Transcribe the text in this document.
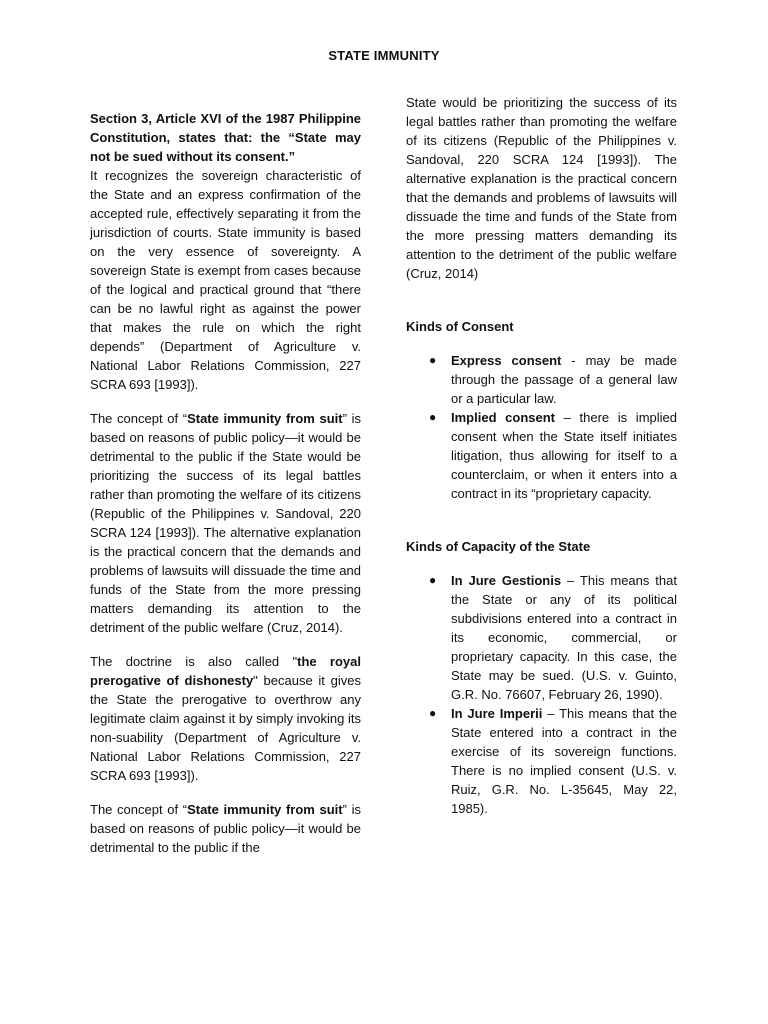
STATE IMMUNITY

Section 3, Article XVI of the 1987 Philippine Constitution, states that: the “State may not be sued without its consent.”
It recognizes the sovereign characteristic of the State and an express confirmation of the accepted rule, effectively separating it from the jurisdiction of courts. State immunity is based on the very essence of sovereignty. A sovereign State is exempt from cases because of the logical and practical ground that “there can be no lawful right as against the power that makes the rule on which the right depends” (Department of Agriculture v. National Labor Relations Commission, 227 SCRA 693 [1993]).

The concept of “State immunity from suit” is based on reasons of public policy—it would be detrimental to the public if the State would be prioritizing the success of its legal battles rather than promoting the welfare of its citizens (Republic of the Philippines v. Sandoval, 220 SCRA 124 [1993]). The alternative explanation is the practical concern that the demands and problems of lawsuits will dissuade the time and funds of the State from the more pressing matters demanding its attention to the detriment of the public welfare (Cruz, 2014).

The doctrine is also called "the royal prerogative of dishonesty" because it gives the State the prerogative to overthrow any legitimate claim against it by simply invoking its non-suability (Department of Agriculture v. National Labor Relations Commission, 227 SCRA 693 [1993]).

The concept of “State immunity from suit” is based on reasons of public policy—it would be detrimental to the public if the

State would be prioritizing the success of its legal battles rather than promoting the welfare of its citizens (Republic of the Philippines v. Sandoval, 220 SCRA 124 [1993]). The alternative explanation is the practical concern that the demands and problems of lawsuits will dissuade the time and funds of the State from the more pressing matters demanding its attention to the detriment of the public welfare (Cruz, 2014)

Kinds of Consent

● Express consent - may be made through the passage of a general law or a particular law.
● Implied consent – there is implied consent when the State itself initiates litigation, thus allowing for itself to a counterclaim, or when it enters into a contract in its “proprietary capacity.

Kinds of Capacity of the State

● In Jure Gestionis – This means that the State or any of its political subdivisions entered into a contract in its economic, commercial, or proprietary capacity. In this case, the State may be sued. (U.S. v. Guinto, G.R. No. 76607, February 26, 1990).
● In Jure Imperii – This means that the State entered into a contract in the exercise of its sovereign functions. There is no implied consent (U.S. v. Ruiz, G.R. No. L-35645, May 22, 1985).
